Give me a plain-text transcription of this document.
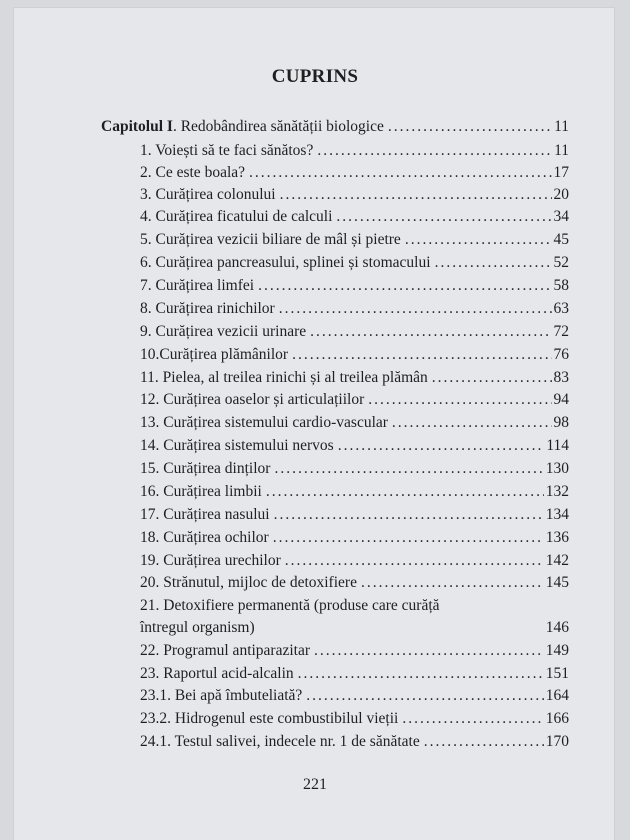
CUPRINS
Capitolul I. Redobândirea sănătății biologice .....	11
1. Voiești să te faci sănătos? .....	11
2. Ce este boala? .....	17
3. Curățirea colonului .....	20
4. Curățirea ficatului de calculi .....	34
5. Curățirea vezicii biliare de mâl și pietre .....	45
6. Curățirea pancreasului, splinei și stomacului .....	52
7. Curățirea limfei .....	58
8. Curățirea rinichilor .....	63
9. Curățirea vezicii urinare .....	72
10.Curățirea plămânilor .....	76
11. Pielea, al treilea rinichi și al treilea plămân .....	83
12. Curățirea oaselor și articulațiilor .....	94
13. Curățirea sistemului cardio-vascular .....	98
14. Curățirea sistemului nervos .....	114
15. Curățirea dinților .....	130
16. Curățirea limbii .....	132
17. Curățirea nasului .....	134
18. Curățirea ochilor .....	136
19. Curățirea urechilor .....	142
20. Strănutul, mijloc de detoxifiere .....	145
21. Detoxifiere permanentă (produse care curăță
întregul organism)	146
22. Programul antiparazitar .....	149
23. Raportul acid-alcalin .....	151
23.1. Bei apă îmbuteliată? .....	164
23.2. Hidrogenul este combustibilul vieții .....	166
24.1. Testul salivei, indecele nr. 1 de sănătate .....	170
221
